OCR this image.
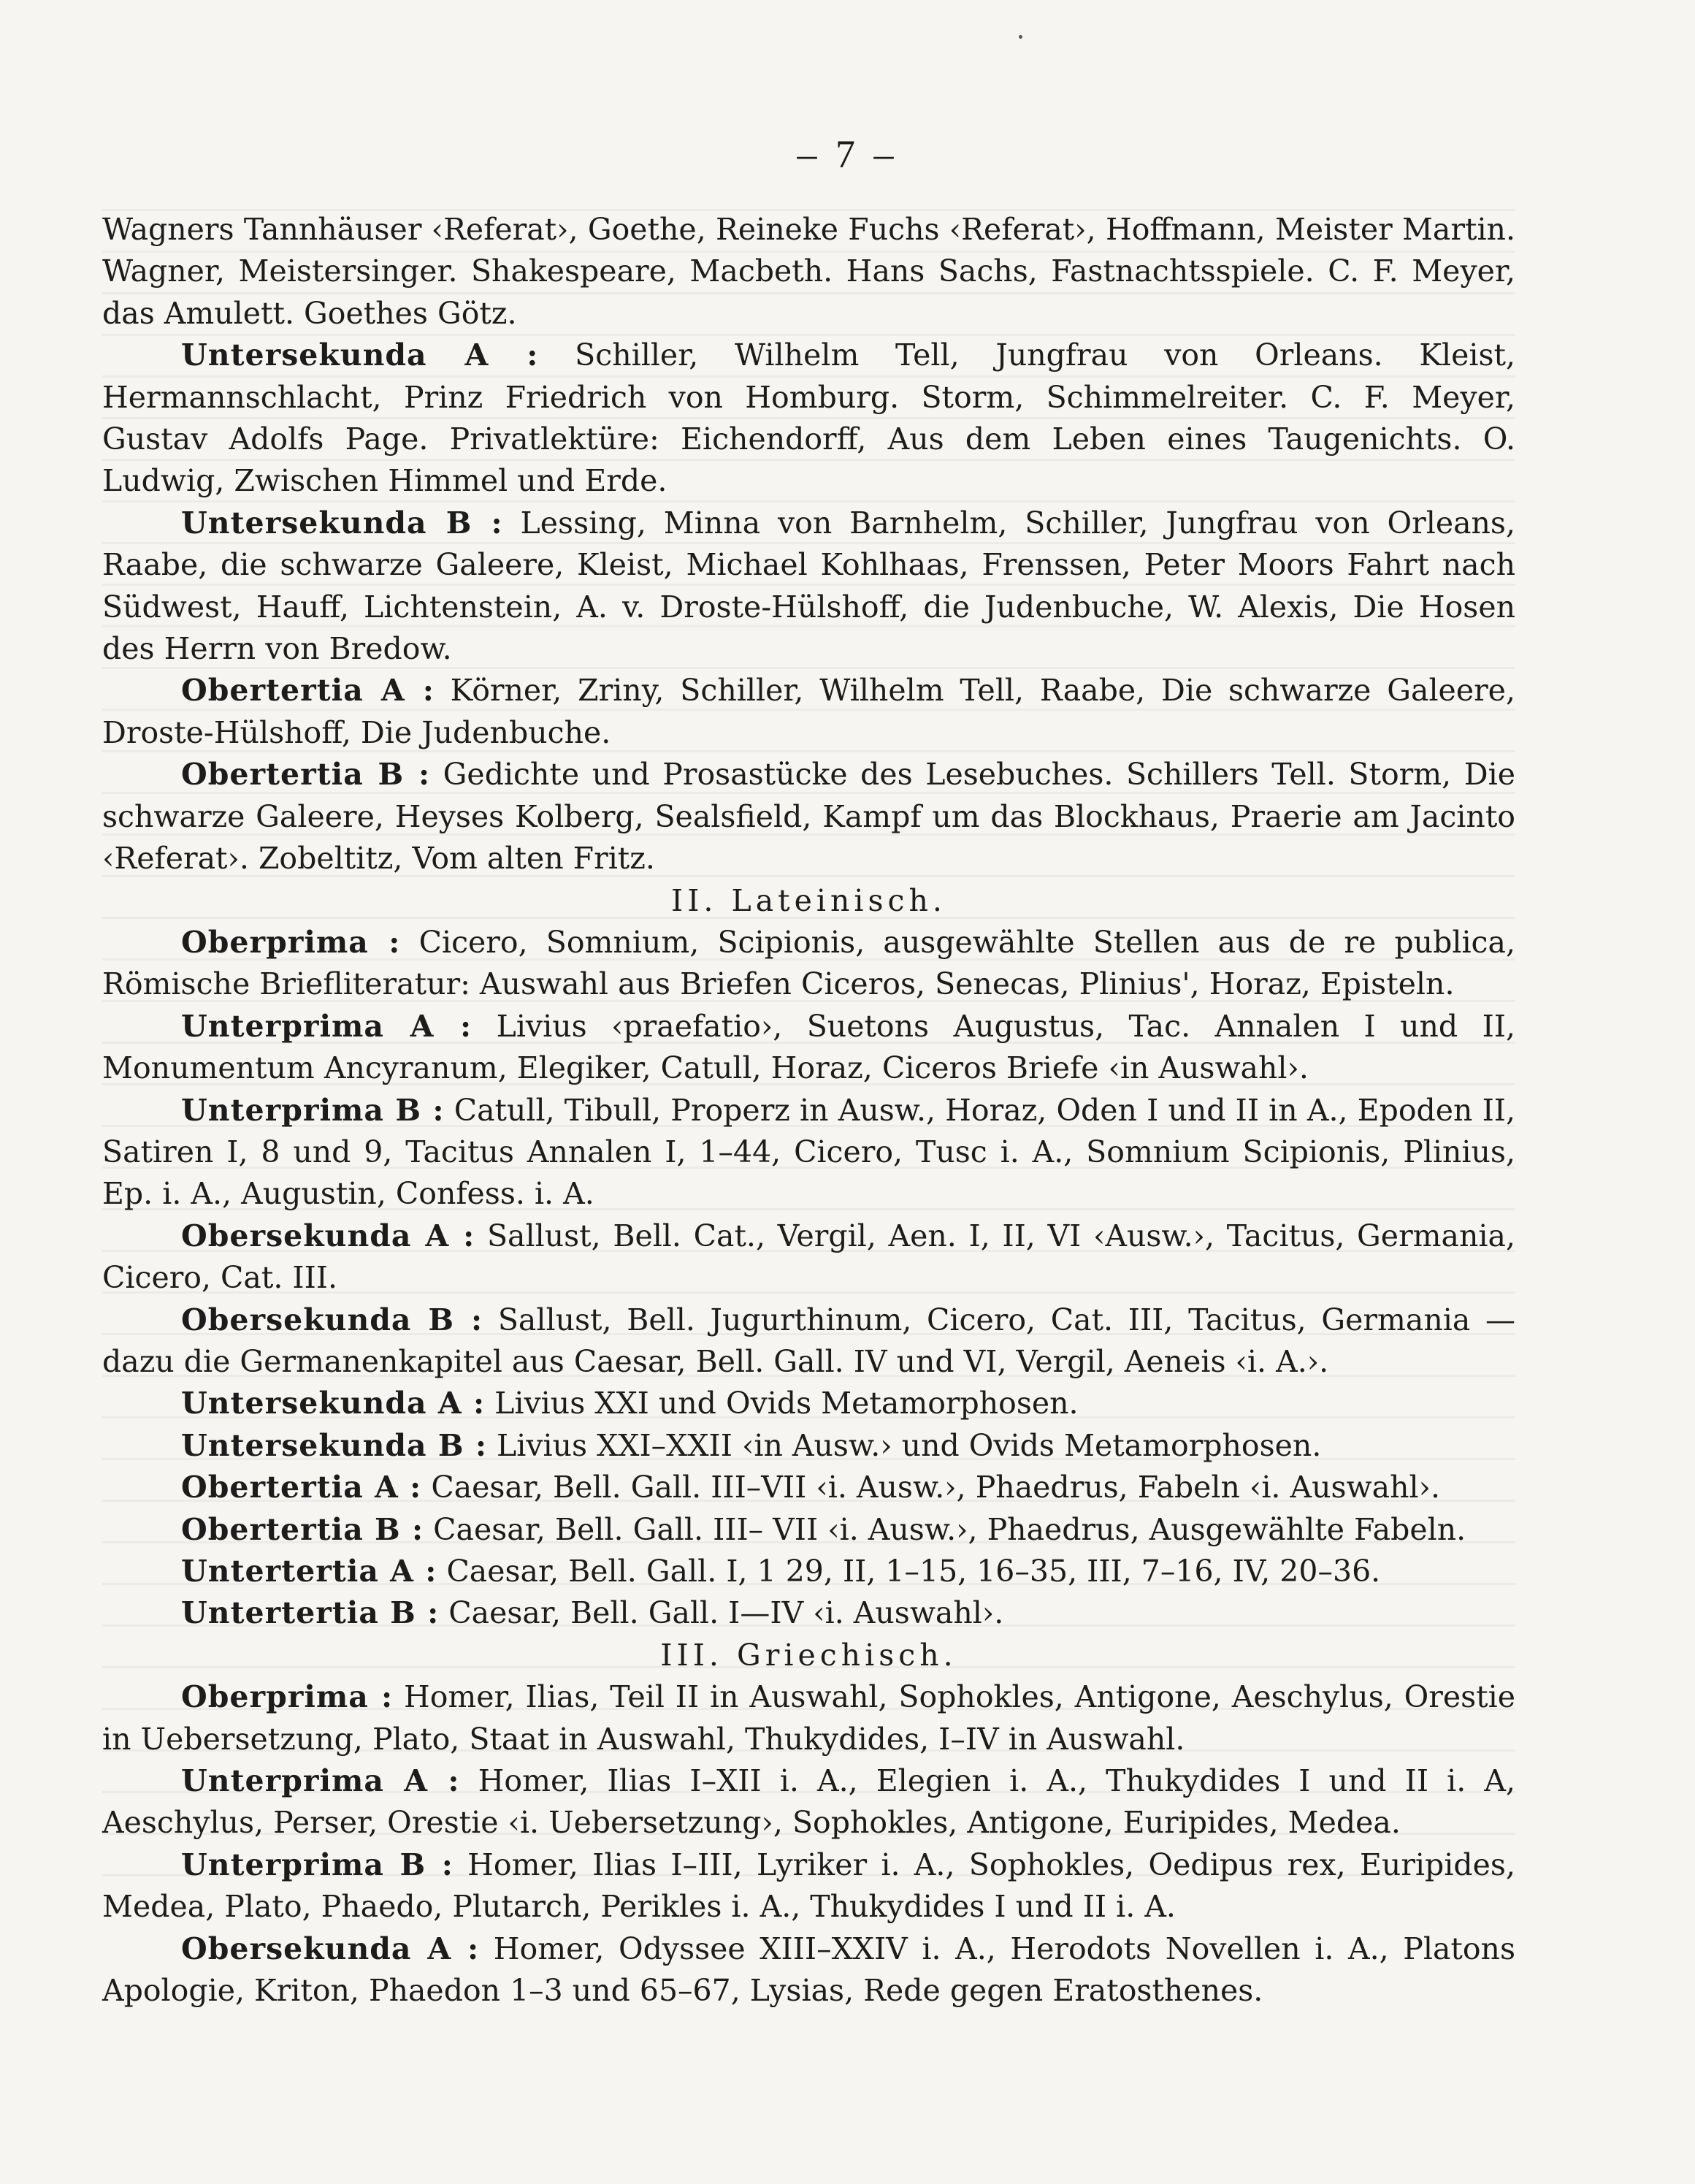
– 7 –

Wagners Tannhäuser ‹Referat›, Goethe, Reineke Fuchs ‹Referat›, Hoffmann, Meister Martin. Wagner, Meistersinger. Shakespeare, Macbeth. Hans Sachs, Fastnachtsspiele. C. F. Meyer, das Amulett. Goethes Götz.

Untersekunda A : Schiller, Wilhelm Tell, Jungfrau von Orleans. Kleist, Hermannschlacht, Prinz Friedrich von Homburg. Storm, Schimmelreiter. C. F. Meyer, Gustav Adolfs Page. Privatlektüre: Eichendorff, Aus dem Leben eines Taugenichts. O. Ludwig, Zwischen Himmel und Erde.

Untersekunda B : Lessing, Minna von Barnhelm, Schiller, Jungfrau von Orleans, Raabe, die schwarze Galeere, Kleist, Michael Kohlhaas, Frenssen, Peter Moors Fahrt nach Südwest, Hauff, Lichtenstein, A. v. Droste-Hülshoff, die Judenbuche, W. Alexis, Die Hosen des Herrn von Bredow.

Obertertia A : Körner, Zriny, Schiller, Wilhelm Tell, Raabe, Die schwarze Galeere, Droste-Hülshoff, Die Judenbuche.

Obertertia B : Gedichte und Prosastücke des Lesebuches. Schillers Tell. Storm, Die schwarze Galeere, Heyses Kolberg, Sealsfield, Kampf um das Blockhaus, Praerie am Jacinto ‹Referat›. Zobeltitz, Vom alten Fritz.

II. Lateinisch.

Oberprima : Cicero, Somnium, Scipionis, ausgewählte Stellen aus de re publica, Römische Briefliteratur: Auswahl aus Briefen Ciceros, Senecas, Plinius', Horaz, Episteln.

Unterprima A : Livius ‹praefatio›, Suetons Augustus, Tac. Annalen I und II, Monumentum Ancyranum, Elegiker, Catull, Horaz, Ciceros Briefe ‹in Auswahl›.

Unterprima B : Catull, Tibull, Properz in Ausw., Horaz, Oden I und II in A., Epoden II, Satiren I, 8 und 9, Tacitus Annalen I, 1–44, Cicero, Tusc i. A., Somnium Scipionis, Plinius, Ep. i. A., Augustin, Confess. i. A.

Obersekunda A : Sallust, Bell. Cat., Vergil, Aen. I, II, VI ‹Ausw.›, Tacitus, Germania, Cicero, Cat. III.

Obersekunda B : Sallust, Bell. Jugurthinum, Cicero, Cat. III, Tacitus, Germania — dazu die Germanenkapitel aus Caesar, Bell. Gall. IV und VI, Vergil, Aeneis ‹i. A.›.

Untersekunda A : Livius XXI und Ovids Metamorphosen.

Untersekunda B : Livius XXI–XXII ‹in Ausw.› und Ovids Metamorphosen.

Obertertia A : Caesar, Bell. Gall. III–VII ‹i. Ausw.›, Phaedrus, Fabeln ‹i. Auswahl›.

Obertertia B : Caesar, Bell. Gall. III– VII ‹i. Ausw.›, Phaedrus, Ausgewählte Fabeln.

Untertertia A : Caesar, Bell. Gall. I, 1 29, II, 1–15, 16–35, III, 7–16, IV, 20–36.

Untertertia B : Caesar, Bell. Gall. I—IV ‹i. Auswahl›.

III. Griechisch.

Oberprima : Homer, Ilias, Teil II in Auswahl, Sophokles, Antigone, Aeschylus, Orestie in Uebersetzung, Plato, Staat in Auswahl, Thukydides, I–IV in Auswahl.

Unterprima A : Homer, Ilias I–XII i. A., Elegien i. A., Thukydides I und II i. A, Aeschylus, Perser, Orestie ‹i. Uebersetzung›, Sophokles, Antigone, Euripides, Medea.

Unterprima B : Homer, Ilias I–III, Lyriker i. A., Sophokles, Oedipus rex, Euripides, Medea, Plato, Phaedo, Plutarch, Perikles i. A., Thukydides I und II i. A.

Obersekunda A : Homer, Odyssee XIII–XXIV i. A., Herodots Novellen i. A., Platons Apologie, Kriton, Phaedon 1–3 und 65–67, Lysias, Rede gegen Eratosthenes.
